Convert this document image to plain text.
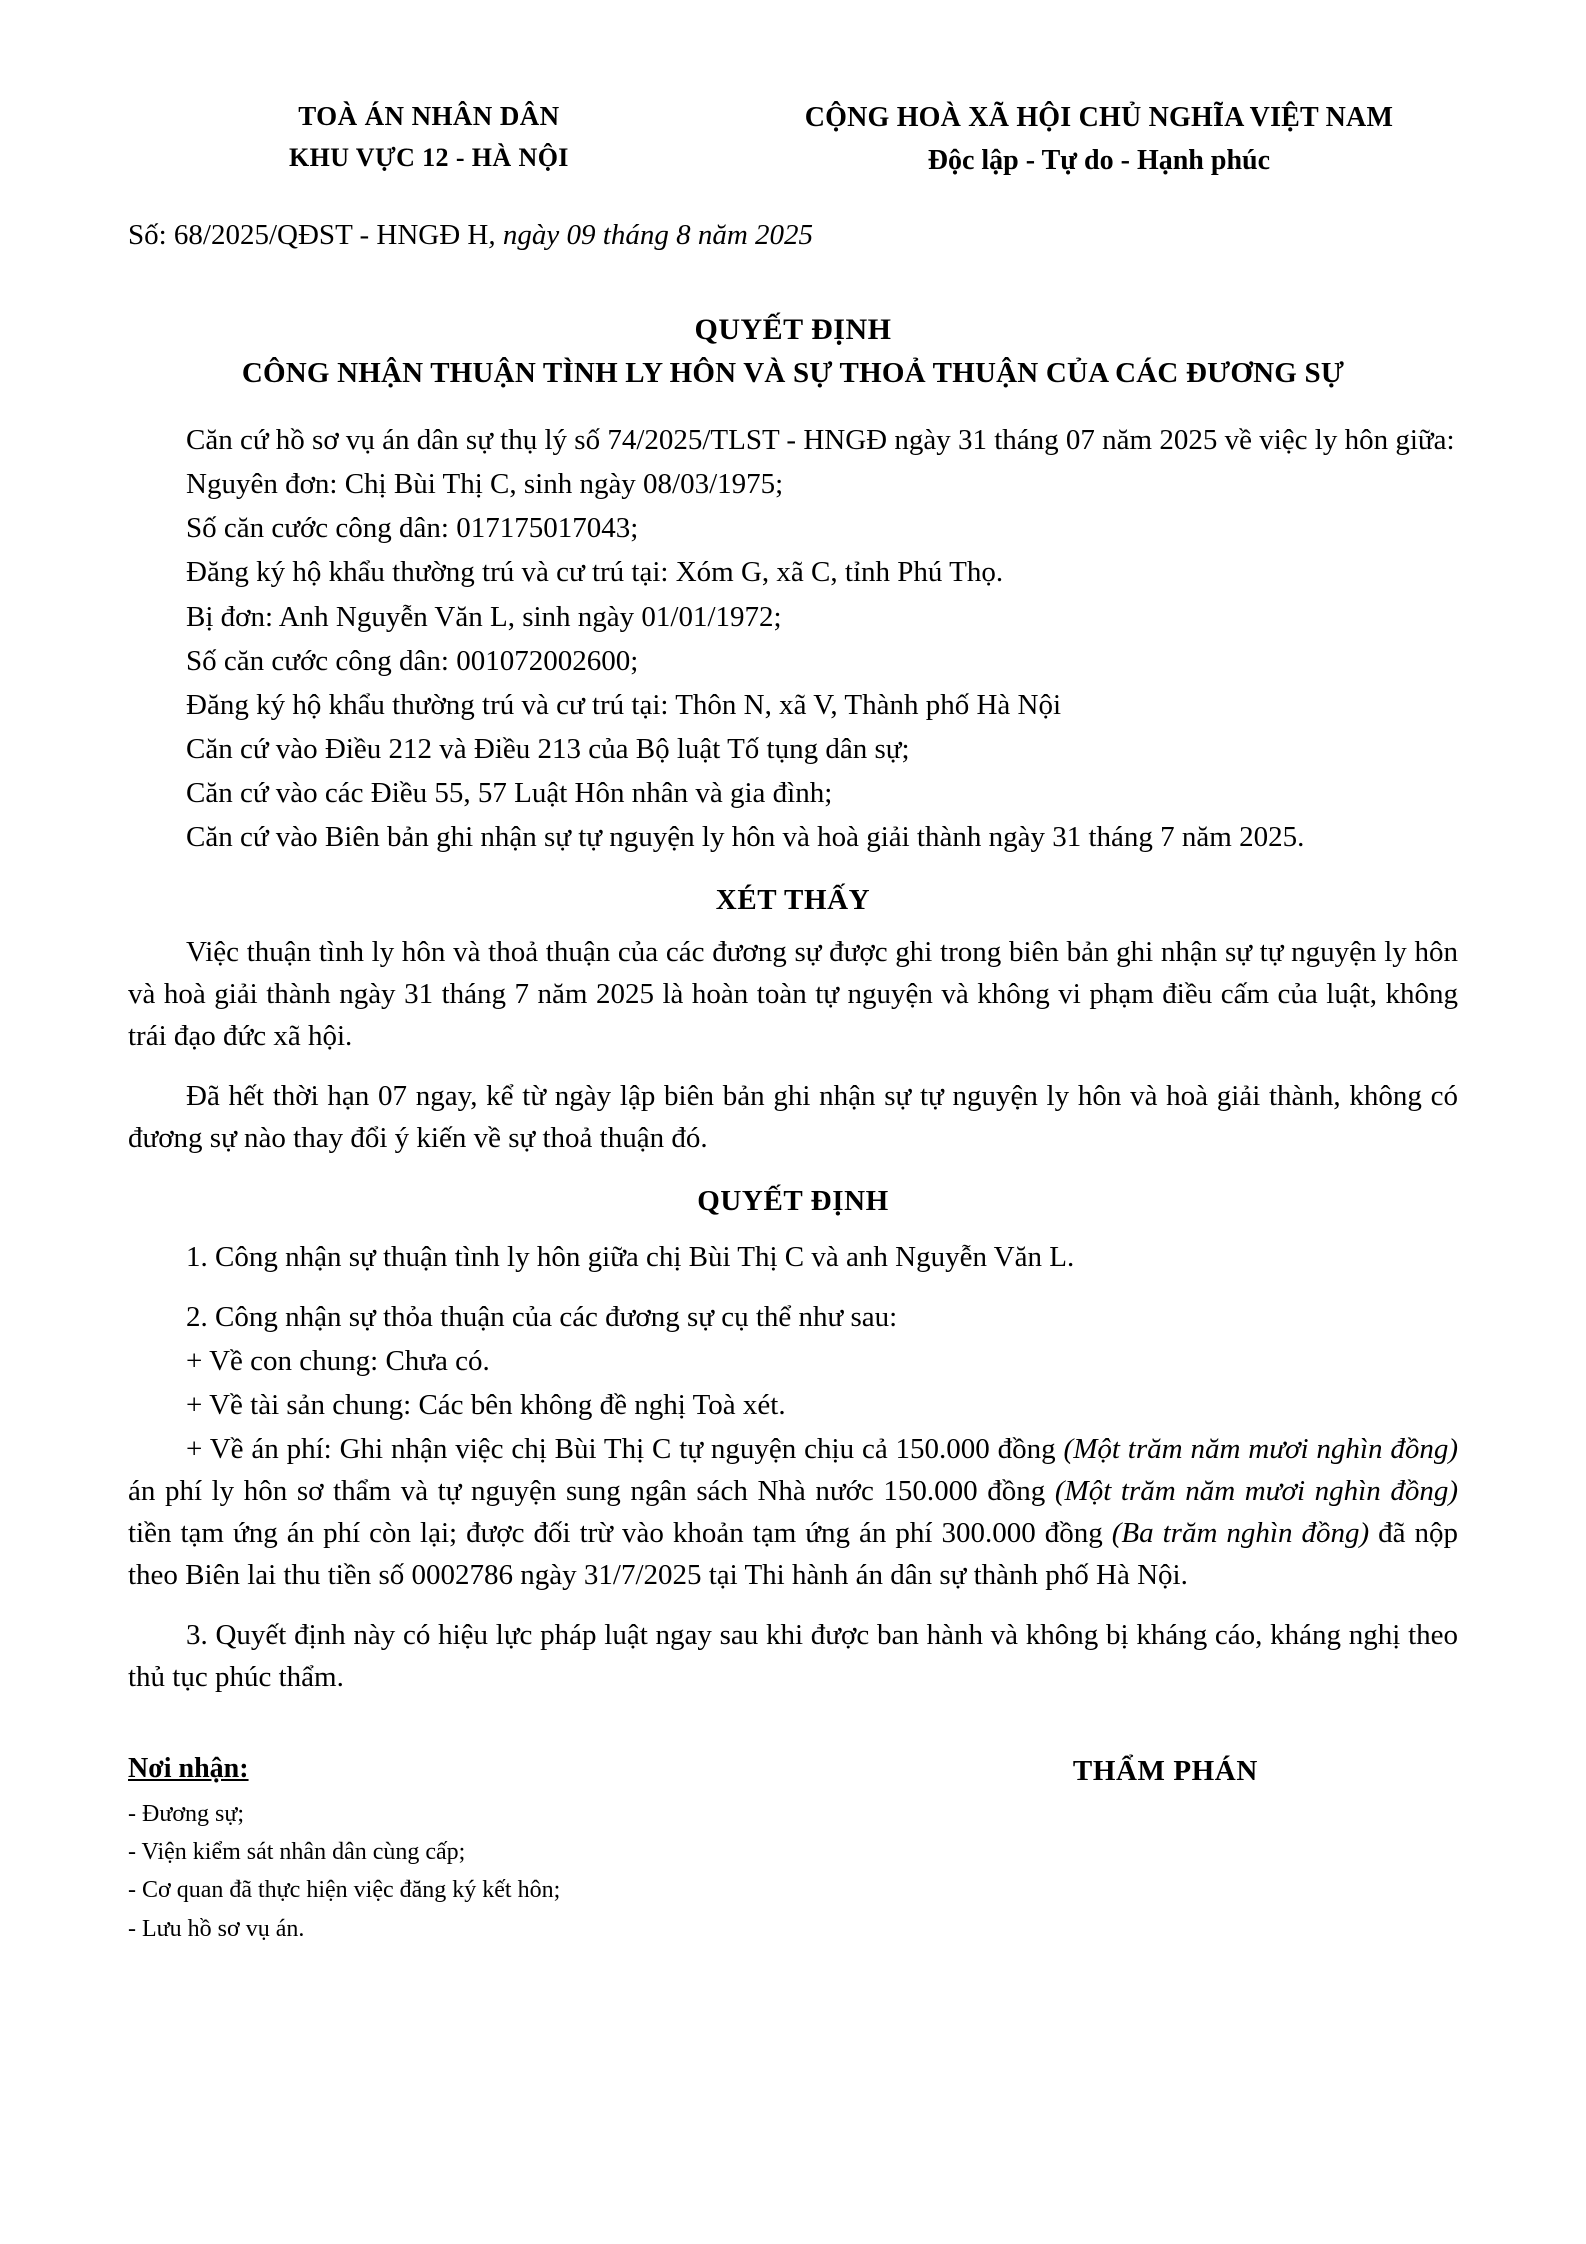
TOÀ ÁN NHÂN DÂN
KHU VỰC 12 - HÀ NỘI
CỘNG HOÀ XÃ HỘI CHỦ NGHĨA VIỆT NAM
Độc lập - Tự do - Hạnh phúc
Số: 68/2025/QĐST - HNGĐ H, ngày 09 tháng 8 năm 2025
QUYẾT ĐỊNH
CÔNG NHẬN THUẬN TÌNH LY HÔN VÀ SỰ THOẢ THUẬN CỦA CÁC ĐƯƠNG SỰ

Căn cứ hồ sơ vụ án dân sự thụ lý số 74/2025/TLST - HNGĐ ngày 31 tháng 07 năm 2025 về việc ly hôn giữa:

Nguyên đơn: Chị Bùi Thị C, sinh ngày 08/03/1975;

Số căn cước công dân: 017175017043;

Đăng ký hộ khẩu thường trú và cư trú tại: Xóm G, xã C, tỉnh Phú Thọ.

Bị đơn: Anh Nguyễn Văn L, sinh ngày 01/01/1972;

Số căn cước công dân: 001072002600;

Đăng ký hộ khẩu thường trú và cư trú tại: Thôn N, xã V, Thành phố Hà Nội

Căn cứ vào Điều 212 và Điều 213 của Bộ luật Tố tụng dân sự;

Căn cứ vào các Điều 55, 57 Luật Hôn nhân và gia đình;

Căn cứ vào Biên bản ghi nhận sự tự nguyện ly hôn và hoà giải thành ngày 31 tháng 7 năm 2025.

XÉT THẤY

Việc thuận tình ly hôn và thoả thuận của các đương sự được ghi trong biên bản ghi nhận sự tự nguyện ly hôn và hoà giải thành ngày 31 tháng 7 năm 2025 là hoàn toàn tự nguyện và không vi phạm điều cấm của luật, không trái đạo đức xã hội.

Đã hết thời hạn 07 ngay, kể từ ngày lập biên bản ghi nhận sự tự nguyện ly hôn và hoà giải thành, không có đương sự nào thay đổi ý kiến về sự thoả thuận đó.

QUYẾT ĐỊNH

1. Công nhận sự thuận tình ly hôn giữa chị Bùi Thị C và anh Nguyễn Văn L.

2. Công nhận sự thỏa thuận của các đương sự cụ thể như sau:

+ Về con chung: Chưa có.

+ Về tài sản chung: Các bên không đề nghị Toà xét.

+ Về án phí: Ghi nhận việc chị Bùi Thị C tự nguyện chịu cả 150.000 đồng (Một trăm năm mươi nghìn đồng) án phí ly hôn sơ thẩm và tự nguyện sung ngân sách Nhà nước 150.000 đồng (Một trăm năm mươi nghìn đồng) tiền tạm ứng án phí còn lại; được đối trừ vào khoản tạm ứng án phí 300.000 đồng (Ba trăm nghìn đồng) đã nộp theo Biên lai thu tiền số 0002786 ngày 31/7/2025 tại Thi hành án dân sự thành phố Hà Nội.

3. Quyết định này có hiệu lực pháp luật ngay sau khi được ban hành và không bị kháng cáo, kháng nghị theo thủ tục phúc thẩm.

Nơi nhận:
- Đương sự;
- Viện kiểm sát nhân dân cùng cấp;
- Cơ quan đã thực hiện việc đăng ký kết hôn;
- Lưu hồ sơ vụ án.
THẨM PHÁN
